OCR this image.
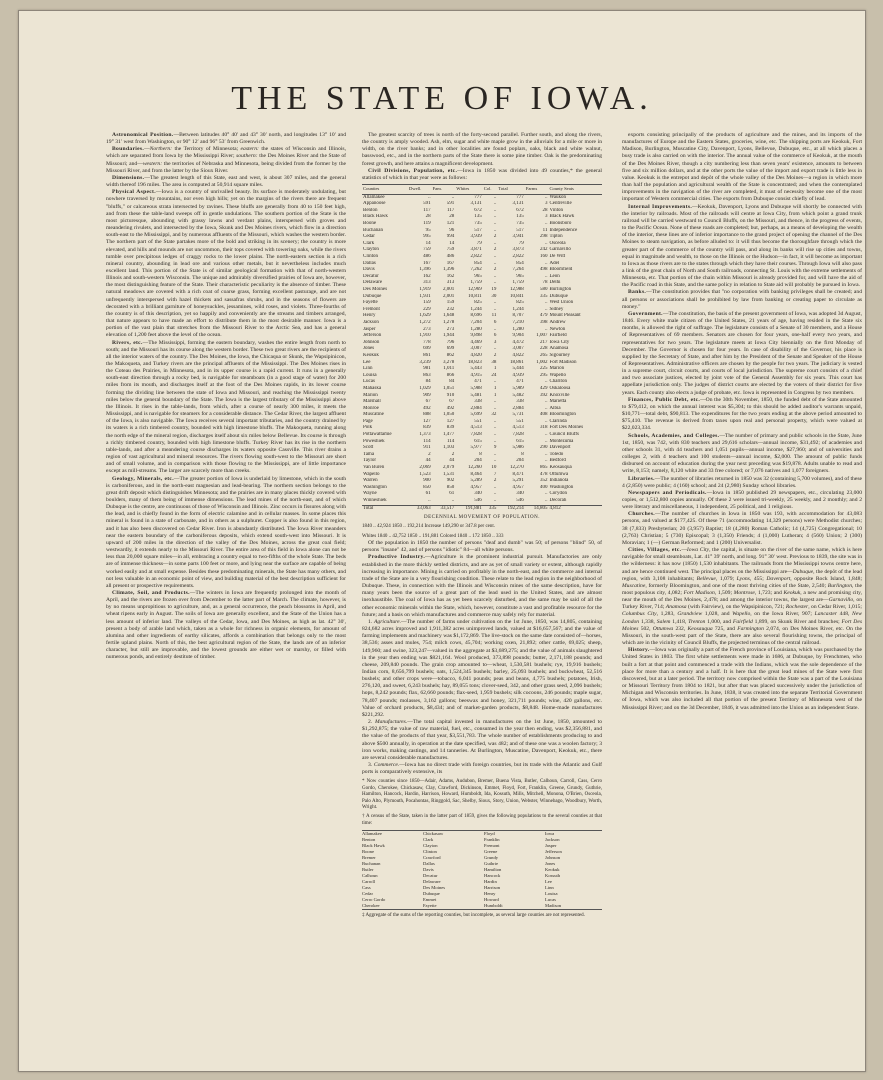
THE STATE OF IOWA.

Astronomical Position.—Between latitudes 40° 40′ and 43° 30′ north, and longitudes 13° 10′ and 19° 31′ west from Washington, or 90° 12′ and 96° 53′ from Greenwich.

Boundaries.—Northern: the Territory of Minnesota; eastern: the states of Wisconsin and Illinois, which are separated from Iowa by the Mississippi River; southern: the Des Moines River and the State of Missouri; and—western: the territories of Nebraska and Minnesota, being divided from the former by the Missouri River, and from the latter by the Sioux River.

Dimensions.—The greatest length of this State, east and west, is about 307 miles, and the general width thereof 196 miles. The area is computed at 50,914 square miles.

Physical Aspect.—Iowa is a country of unrivalled beauty. Its surface is moderately undulating, but nowhere traversed by mountains, nor even high hills; yet on the margins of the rivers there are frequent "bluffs," or calcareous strata intersected by ravines. These bluffs are generally from 40 to 150 feet high, and from these the table-land sweeps off in gentle undulations. The southern portion of the State is the most picturesque, abounding with grassy lawns and verdant plains, interspersed with groves and meandering rivulets, and intersected by the Iowa, Skunk and Des Moines rivers, which flow in a direction south-east to the Mississippi, and by numerous affluents of the Missouri, which washes the western border. The northern part of the State partakes more of the bold and striking in its scenery; the country is more elevated, and hills and mounds are not uncommon, their tops covered with towering oaks, while the rivers tumble over precipitous ledges of craggy rocks to the lower plains. The north-eastern section is a rich mineral country, abounding in lead ore and various other metals, but it nevertheless includes much excellent land. This portion of the State is of similar geological formation with that of north-western Illinois and south-western Wisconsin. The unique and admirably diversified prairies of Iowa are, however, the most distinguishing feature of the State. Their characteristic peculiarity is the absence of timber. These natural meadows are covered with a rich coat of coarse grass, forming excellent pasturage, and are not unfrequently interspersed with hazel thickets and sassafras shrubs, and in the seasons of flowers are decorated with a brilliant garniture of honeysuckles, jessamines, wild roses, and violets. Three-fourths of the country is of this description, yet so happily and conveniently are the streams and timbers arranged, that nature appears to have made an effort to distribute them in the most desirable manner. Iowa is a portion of the vast plain that stretches from the Missouri River to the Arctic Sea, and has a general elevation of 1,200 feet above the level of the ocean.

Rivers, etc.—The Mississippi, forming the eastern boundary, washes the entire length from north to south; and the Missouri has its course along the western border. These two great rivers are the recipients of all the interior waters of the country. The Des Moines, the Iowa, the Chicaqua or Skunk, the Wapsipinicon, the Makoqueta, and Turkey rivers are the principal affluents of the Mississippi. The Des Moines rises in the Coteau des Prairies, in Minnesota, and in its upper course is a rapid current. It runs in a generally south-east direction through a rocky bed, is navigable for steamboats (in a good stage of water) for 200 miles from its mouth, and discharges itself at the foot of the Des Moines rapids, in its lower course forming the dividing line between the state of Iowa and Missouri, and reaching the Mississippi twenty miles below the general boundary of the State. The Iowa is the largest tributary of the Mississippi above the Illinois. It rises in the table-lands, from which, after a course of nearly 300 miles, it meets the Mississippi, and is navigable for steamers for a considerable distance. The Cedar River, the largest affluent of the Iowa, is also navigable. The Iowa receives several important tributaries, and the country drained by its waters is a rich timbered country, bounded with high limestone bluffs. The Makoqueta, running along the north edge of the mineral region, discharges itself about six miles below Bellevue. Its course is through a richly timbered country, bounded with high limestone bluffs. Turkey River has its rise in the northern table-lands, and after a meandering course discharges its waters opposite Cassville. This river drains a region of vast agricultural and mineral resources. The rivers flowing south-west to the Missouri are short and of small volume, and in comparison with those flowing to the Mississippi, are of little importance except as mill-streams. The larger are scarcely more than creeks.

Geology, Minerals, etc.—The greater portion of Iowa is underlaid by limestone, which in the south is carboniferous, and in the north-east magnesian and lead-bearing. The northern section belongs to the great drift deposit which distinguishes Minnesota; and the prairies are in many places thickly covered with boulders, many of them being of immense dimensions. The lead mines of the north-east, and of which Dubuque is the centre, are continuous of those of Wisconsin and Illinois. Zinc occurs in fissures along with the lead, and is chiefly found in the form of electric calamine and in cellular masses. In some places this mineral is found in a state of carbonate, and in others as a sulphuret. Copper is also found in this region, and it has also been discovered on Cedar River. Iron is abundantly distributed. The Iowa River meanders near the eastern boundary of the carboniferous deposits, which extend south-west into Missouri. It is upward of 200 miles in the direction of the valley of the Des Moines, across the great coal field; westwardly, it extends nearly to the Missouri River. The entire area of this field in Iowa alone can not be less than 20,000 square miles—in all, embracing a country equal to two-fifths of the whole State. The beds are of immense thickness—in some parts 100 feet or more, and lying near the surface are capable of being worked easily and at small expense. Besides these predominating minerals, the State has many others, and not less valuable in an economic point of view, and building material of the best description sufficient for all present or prospective requirements.

Climate, Soil, and Products.—The winters in Iowa are frequently prolonged into the month of April, and the rivers are frozen over from December to the latter part of March. The climate, however, is by no means unpropitious to agriculture, and, as a general occurrence, the peach blossoms in April, and wheat ripens early in August. The soils of Iowa are generally excellent, and the State of the Union has a less amount of inferior land. The valleys of the Cedar, Iowa, and Des Moines, as high as lat. 42° 30′, present a body of arable land which, taken as a whole for richness in organic elements, for amount of alumina and other ingredients of earthy silicates, affords a combination that belongs only to the most fertile upland plains. North of this, the best agricultural region of the State, the lands are of an inferior character, but still are improvable, and the lowest grounds are either wet or marshy, or filled with numerous ponds, and entirely destitute of timber.

The greatest scarcity of trees is north of the forty-second parallel. Further south, and along the rivers, the country is amply wooded. Ash, elm, sugar and white maple grow in the alluvials for a mile or more in width, on the river banks; and in other localities are found poplars, oaks, black and white walnut, basswood, etc., and in the northern parts of the State there is some pine timber. Oak is the predominating forest growth, and here attains a magnificent development.

Civil Divisions, Population, etc.—Iowa in 1850 was divided into 49 counties,* the general statistics of which in that year were as follows:

Counties	Dwell.	Fam.	Whites	Col.	Total	Farms	County Seats
Allamakee	..	..	777	..	777	..	Waukon
Appanoose	591	591	3,131	..	3,131	3	Centreville
Benton	117	117	672	..	672	28	Vinton
Black Hawk	28	28	135	..	135	3	Black Hawk
Boone	119	121	735	..	735	..	Boonsboro
Buchanan	95	96	517	..	517	11	Independence
Cedar	995	994	3,939	2	3,941	298	Tipton
Clark	14	14	79	..	79	..	Osceola
Clayton	759	759	3,871	2	3,873	242	Garnavillo
Clinton	486	486	2,822	..	2,822	160	De Witt
Dallas	167	167	854	..	854	..	Adel
Davis	1,396	1,396	7,262	2	7,264	498	Bloomfield
Decatur	162	162	965	..	965	..	Leon
Delaware	313	313	1,759	..	1,759	78	Delhi
Des Moines	1,919	2,001	12,969	19	12,988	580	Burlington
Dubuque	1,931	2,001	10,811	30	10,841	335	Dubuque
Fayette	159	159	825	..	825	..	West Union
Fremont	229	232	1,244	..	1,244	..	Sidney
Henry	1,629	1,648	8,696	11	8,707	479	Mount Pleasant
Jackson	1,272	1,278	7,204	6	7,210	398	Andrew
Jasper	273	273	1,280	..	1,280	..	Newton
Jefferson	1,910	1,944	9,898	6	9,904	1,007	Fairfield
Johnson	778	796	4,469	3	4,472	217	Iowa City
Jones	699	699	3,007	..	3,007	228	Anamosa
Keokuk	861	862	4,820	2	4,822	265	Sigourney
Lee	3,239	3,278	18,823	38	18,861	1,002	Fort Madison
Linn	981	1,011	5,443	1	5,444	225	Marion
Louisa	863	866	4,915	24	4,939	295	Wapello
Lucas	84	84	471	..	471	..	Chariton
Mahaska	1,029	1,051	5,988	1	5,989	429	Oskaloosa
Marion	909	910	5,481	1	5,482	392	Knoxville
Marshall	67	67	338	..	338	..	Marietta
Monroe	492	492	2,884	..	2,884	..	Albia
Muscatine	888	1,050	5,699	32	5,731	408	Bloomington
Page	127	127	551	..	551	..	Clarinda
Polk	839	839	4,513	..	4,513	318	Fort Des Moines
Pottawattamie	1,373	1,477	7,828	..	7,828	..	Council Bluffs
Poweshiek	114	114	615	..	615	..	Montezuma
Scott	911	1,103	5,977	9	5,986	290	Davenport
Tama	2	2	8	..	8	..	Toledo
Taylor	44	44	204	..	204	..	Bedford
Van Buren	2,069	2,079	12,260	10	12,270	865	Keosauqua
Wapello	1,523	1,531	8,464	7	8,471	478	Ottumwa
Warren	900	902	5,289	2	5,291	352	Indianola
Washington	850	850	4,957	..	4,957	400	Washington
Wayne	61	61	340	..	340	..	Corydon
Winneshiek	..	..	546	..	546	..	Decorah
Total	33,063	33,517	191,881	335	192,214	14,805	4,812
DECENNIAL MOVEMENT OF POPULATION.
1840 .. 42,924 1850 .. 192,214 Increase 149,290 or 347.8 per cent.
Whites 1840 .. 42,752 1850 .. 191,881 Colored 1840 .. 172 1850 .. 333

Of the population in 1850 the number of persons "deaf and dumb" was 50; of persons "blind" 50, of persons "insane" 42, and of persons "idiotic" 84—all white persons.

Productive Industry.—Agriculture is the prominent industrial pursuit. Manufactories are only established in the more thickly settled districts, and are as yet of small variety or extent, although rapidly increasing in importance. Mining is carried on profitably in the north-east, and the commerce and internal trade of the State are in a very flourishing condition. These relate to the lead region in the neighborhood of Dubuque. These, in connection with the Illinois and Wisconsin mines of the same description, have for many years been the source of a great part of the lead used in the United States, and are almost inexhaustible. The coal of Iowa has as yet been scarcely disturbed, and the same may be said of all the other economic minerals within the State, which, however, constitute a vast and profitable resource for the future; and a basis on which manufactures and commerce may safely rely for material.

1. Agriculture.—The number of farms under cultivation on the 1st June, 1850, was 14,805, containing 824,682 acres improved and 1,911,382 acres unimproved lands, valued at $16,657,567; and the value of farming implements and machinery was $1,172,869. The live-stock on the same date consisted of—horses, 38,536; asses and mules, 754; milch cows, 45,704; working oxen, 21,892; other cattle, 69,025; sheep, 149,960; and swine, 323,247—valued in the aggregate at $3,689,275; and the value of animals slaughtered in the year then ending was $821,164. Wool produced, 373,898 pounds; butter, 2,171,188 pounds; and cheese, 209,840 pounds. The grain crop amounted to—wheat, 1,530,581 bushels; rye, 19,916 bushels; Indian corn, 8,656,799 bushels; oats, 1,524,345 bushels; barley, 25,093 bushels; and buckwheat, 52,516 bushels; and other crops were—tobacco, 6,041 pounds; peas and beans, 4,775 bushels; potatoes, Irish, 276,120, and sweet, 6,243 bushels; hay, 89,055 tons; clover-seed, 342, and other grass seed, 2,096 bushels; hops, 8,242 pounds; flax, 62,660 pounds; flax-seed, 1,959 bushels; silk cocoons, 246 pounds; maple sugar, 78,407 pounds; molasses, 3,162 gallons; beeswax and honey, 321,711 pounds; wine, 420 gallons, etc. Value of orchard products, $8,434; and of market-garden products, $8,848. Home-made manufactures $221,292.

2. Manufactures.—The total capital invested in manufactures on the 1st June, 1850, amounted to $1,292,875; the value of raw material, fuel, etc., consumed in the year then ending, was $2,356,881, and the value of the products of that year, $3,551,783. The whole number of establishments producing to and above $500 annually, in operation at the date specified, was 482; and of these one was a woolen factory; 3 iron works, making castings, and 14 tanneries. At Burlington, Muscatine, Davenport, Keokuk, etc., there are several considerable manufactures.

3. Commerce.—Iowa has no direct trade with foreign countries, but its trade with the Atlantic and Gulf ports is comparatively extensive, its

* Now counties since 1850—Adair, Adams, Audubon, Bremer, Buena Vista, Butler, Calhoun, Carroll, Cass, Cerro Gordo, Cherokee, Chickasaw, Clay, Crawford, Dickinson, Emmet, Floyd, Fort, Franklin, Greene, Grundy, Guthrie, Hamilton, Hancock, Hardin, Harrison, Howard, Humboldt, Ida, Kossuth, Mills, Mitchell, Monona, O'Brien, Osceola, Palo Alto, Plymouth, Pocahontas, Ringgold, Sac, Shelby, Sioux, Story, Union, Webster, Winnebago, Woodbury, Worth, Wright.
† A census of the State, taken in the latter part of 1859, gives the following populations to the several counties at that time:
Allamakee
Benton
Black Hawk
Boone
Bremer
Buchanan
Butler
Calhoun
Carroll
Cass
Cedar
Cerro Gordo
Cherokee
Chickasaw
Clark
Clayton
Clinton
Crawford
Dallas
Davis
Decatur
Delaware
Des Moines
Dubuque
Emmet
Fayette
Floyd
Franklin
Fremont
Greene
Grundy
Guthrie
Hamilton
Hancock
Hardin
Harrison
Henry
Howard
Humboldt
Iowa
Jackson
Jasper
Jefferson
Johnson
Jones
Keokuk
Kossuth
Lee
Linn
Louisa
Lucas
Madison
‡ Aggregate of the sums of the reporting counties, but incomplete, as several large counties are not represented.

exports consisting principally of the products of agriculture and the mines, and its imports of the manufactures of Europe and the Eastern States, groceries, wine, etc. The shipping ports are Keokuk, Fort Madison, Burlington, Muscatine City, Davenport, Lyons, Bellevue, Dubuque, etc., at all which places a busy trade is also carried on with the interior. The annual value of the commerce of Keokuk, at the mouth of the Des Moines River, though a city numbering less than seven years' existence, amounts to between five and six million dollars, and at the other ports the value of the import and export trade is little less in value. Keokuk is the entrepot and depôt of the whole valley of the Des Moines—a region in which more than half the population and agricultural wealth of the State is concentrated; and when the contemplated improvements in the navigation of the river are completed, it must of necessity become one of the most important of Western commercial cities. The exports from Dubuque consist chiefly of lead.

Internal Improvements.—Keokuk, Davenport, Lyons and Dubuque will shortly be connected with the interior by railroads. Most of the railroads will centre at Iowa City, from which point a grand trunk railroad will be carried westward to Council Bluffs, on the Missouri, and thence, in the progress of events, to the Pacific Ocean. None of these roads are completed; but, perhaps, as a means of developing the wealth of the interior, these lines are of inferior importance to the grand project of opening the channel of the Des Moines to steam navigation, as before alluded to: it will thus become the thoroughfare through which the greater part of the commerce of the country will pass, and along its banks will rise up cities and towns, equal in magnitude and wealth, to those on the Illinois or the Hudson—in fact, it will become as important to Iowa as those rivers are to the states through which they have their courses. Through Iowa will also pass a link of the great chain of North and South railroads, connecting St. Louis with the extreme settlements of Minnesota, etc. That portion of the chain within Missouri is already provided for, and will have the aid of the Pacific road in this State, and the same policy in relation to State aid will probably be pursued in Iowa.

Banks.—The constitution provides that "no corporation with banking privileges shall be created; and all persons or associations shall be prohibited by law from banking or creating paper to circulate as money."

Government.—The constitution, the basis of the present government of Iowa, was adopted 3d August, 1846. Every white male citizen of the United States, 21 years of age, having resided in the State six months, is allowed the right of suffrage. The legislature consists of a Senate of 30 members, and a House of Representatives of 69 members. Senators are chosen for four years, one-half every two years, and representatives for two years. The legislature meets at Iowa City biennially on the first Monday of December. The Governor is chosen for four years. In case of disability of the Governor, his place is supplied by the Secretary of State, and after him by the President of the Senate and Speaker of the House of Representatives. Administrative officers are chosen by the people for two years. The judiciary is vested in a supreme court, circuit courts, and courts of local jurisdiction. The supreme court consists of a chief and two associate justices, elected by joint vote of the General Assembly for six years. This court has appellate jurisdiction only. The judges of district courts are elected by the voters of their district for five years. Each county also elects a judge of probate, etc. Iowa is represented in Congress by two members.

Finances, Public Debt, etc.—On the 30th November, 1850, the funded debt of the State amounted to $79,412, on which the annual interest was $5,304; to this should be added auditor's warrants unpaid, $10,771—total debt, $90,813. The expenditures for the two years ending at the above period amounted to $75,410. The revenue is derived from taxes upon real and personal property, which were valued at $22,023,334.

Schools, Academies, and Colleges.—The number of primary and public schools in the State, June 1st, 1850, was 742, with 830 teachers and 29,616 scholars—annual income, $31,492; of academies and other schools 31, with 44 teachers and 1,051 pupils—annual income, $27,960; and of universities and colleges 2, with 4 teachers and 100 students—annual income, $2,000. The amount of public funds disbursed on account of education during the year next preceding was $19,878. Adults unable to read and write, 8,153; namely, 8,120 white and 33 free colored; or 7,076 natives and 1,077 foreigners.

Libraries.—The number of libraries returned in 1850 was 32 (containing 5,700 volumes), and of these 4 (2,850) were public; 4 (160) school; and 24 (2,980) Sunday school libraries.

Newspapers and Periodicals.—Iowa in 1850 published 29 newspapers, etc., circulating 23,000 copies, or 1,512,800 copies annually. Of these 2 were issued tri-weekly, 25 weekly, and 2 monthly; and 2 were literary and miscellaneous, 1 independent, 25 political, and 1 religious.

Churches.—The number of churches in Iowa in 1850 was 193, with accommodation for 43,083 persons, and valued at $177,425. Of these 71 (accommodating 14,329 persons) were Methodist churches; 38 (7,833) Presbyterian; 20 (3,957) Baptist; 18 (4,280) Roman Catholic; 14 (4,725) Congregational; 10 (2,763) Christian; 5 (730) Episcopal; 3 (1,350) Friends; 4 (1,000) Lutheran; 4 (560) Union; 2 (300) Moravian; 1 (—) German Reformed; and 1 (200) Universalist.

Cities, Villages, etc.—Iowa City, the capital, is situate on the river of the same name, which is here navigable for small steamboats, Lat. 41° 39′ north, and long. 91° 30′ west. Previous to 1839, the site was in the wilderness: it has now (1850) 1,530 inhabitants. The railroads from the Mississippi towns centre here, and are hence continued west. The principal places on the Mississippi are—Dubuque, the depôt of the lead region, with 3,108 inhabitants; Bellevue, 1,079; Lyons, 455; Davenport, opposite Rock Island, 1,848; Muscatine, formerly Bloomington, and one of the most thriving cities of the State, 2,540; Burlington, the most populous city, 4,082; Fort Madison, 1,509; Montrose, 1,723; and Keokuk, a new and promising city, near the mouth of the Des Moines, 2,478; and among the interior towns, the largest are—Garnavillo, on Turkey River, 714; Anamosa (with Fairview), on the Wapsipinicon, 721; Rochester, on Cedar River, 1,015; Columbus City, 1,283, Grandview 1,028, and Wapello, on the Iowa River, 907; Lancaster 448, New London 1,338, Salem 1,418, Trenton 1,000, and Fairfield 1,899, on Skunk River and branches; Fort Des Moines 502, Ottumwa 232, Keosauqua 725, and Farmington 2,074, on Des Moines River, etc. On the Missouri, in the south-west part of the State, there are also several flourishing towns, the principal of which are in the vicinity of Council Bluffs, the projected terminus of the central railroad.

History.—Iowa was originally a part of the French province of Louisiana, which was purchased by the United States in 1803. The first white settlements were made in 1686, at Dubuque, by Frenchmen, who built a fort at that point and commenced a trade with the Indians, which was the sole dependence of the place for more than a century and a half. It is here that the great lead mines of the State were first discovered, but at a later period. The territory now comprised within the State was a part of the Louisiana or Missouri Territory from 1804 to 1821, but after that was placed successively under the jurisdiction of Michigan and Wisconsin territories. In June, 1838, it was created into the separate Territorial Government of Iowa, which was also included all that portion of the present Territory of Minnesota west of the Mississippi River; and on the 3d December, 1846, it was admitted into the Union as an independent State.
